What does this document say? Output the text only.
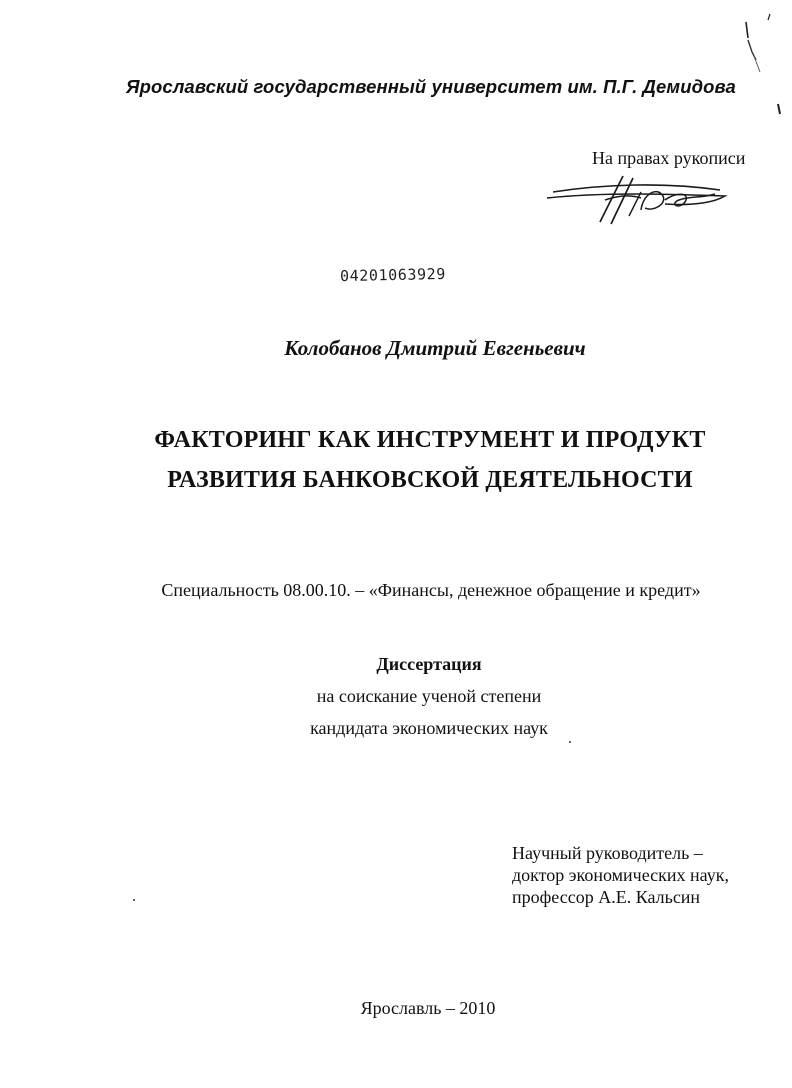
Ярославский государственный университет им. П.Г. Демидова
На правах рукописи
04201063929
Колобанов Дмитрий Евгеньевич
ФАКТОРИНГ КАК ИНСТРУМЕНТ И ПРОДУКТ
РАЗВИТИЯ БАНКОВСКОЙ ДЕЯТЕЛЬНОСТИ
Специальность 08.00.10. – «Финансы, денежное обращение и кредит»
Диссертация
на соискание ученой степени
кандидата экономических наук
Научный руководитель –
доктор экономических наук,
профессор А.Е. Кальсин
Ярославль – 2010
